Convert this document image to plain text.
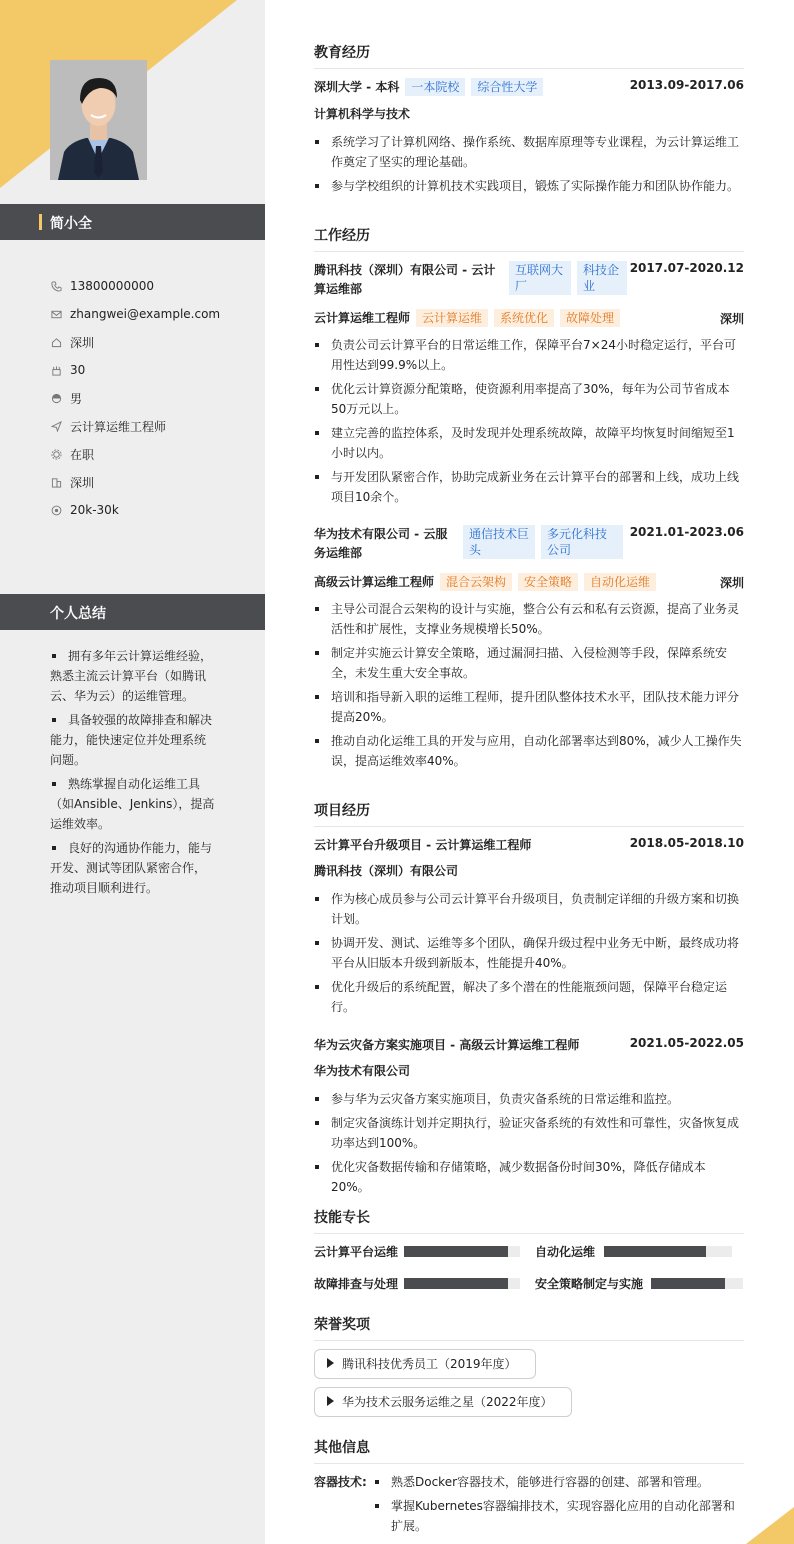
简小全
13800000000
zhangwei@example.com
深圳
30
男
云计算运维工程师
在职
深圳
20k-30k
个人总结
拥有多年云计算运维经验，熟悉主流云计算平台（如腾讯云、华为云）的运维管理。
具备较强的故障排查和解决能力，能快速定位并处理系统问题。
熟练掌握自动化运维工具（如Ansible、Jenkins），提高运维效率。
良好的沟通协作能力，能与开发、测试等团队紧密合作，推动项目顺利进行。
教育经历
深圳大学 - 本科 一本院校 综合性大学	2013.09-2017.06
计算机科学与技术
系统学习了计算机网络、操作系统、数据库原理等专业课程，为云计算运维工作奠定了坚实的理论基础。
参与学校组织的计算机技术实践项目，锻炼了实际操作能力和团队协作能力。
工作经历
腾讯科技（深圳）有限公司 - 云计算运维部
互联网大厂
科技企业
2017.07-2020.12
云计算运维工程师 云计算运维 系统优化 故障处理	深圳
负责公司云计算平台的日常运维工作，保障平台7×24小时稳定运行，平台可用性达到99.9%以上。
优化云计算资源分配策略，使资源利用率提高了30%，每年为公司节省成本50万元以上。
建立完善的监控体系，及时发现并处理系统故障，故障平均恢复时间缩短至1小时以内。
与开发团队紧密合作，协助完成新业务在云计算平台的部署和上线，成功上线项目10余个。
华为技术有限公司 - 云服务运维部
通信技术巨头
多元化科技公司
2021.01-2023.06
高级云计算运维工程师 混合云架构 安全策略 自动化运维	深圳
主导公司混合云架构的设计与实施，整合公有云和私有云资源，提高了业务灵活性和扩展性，支撑业务规模增长50%。
制定并实施云计算安全策略，通过漏洞扫描、入侵检测等手段，保障系统安全，未发生重大安全事故。
培训和指导新入职的运维工程师，提升团队整体技术水平，团队技术能力评分提高20%。
推动自动化运维工具的开发与应用，自动化部署率达到80%，减少人工操作失误，提高运维效率40%。
项目经历
云计算平台升级项目 - 云计算运维工程师	2018.05-2018.10
腾讯科技（深圳）有限公司
作为核心成员参与公司云计算平台升级项目，负责制定详细的升级方案和切换计划。
协调开发、测试、运维等多个团队，确保升级过程中业务无中断，最终成功将平台从旧版本升级到新版本，性能提升40%。
优化升级后的系统配置，解决了多个潜在的性能瓶颈问题，保障平台稳定运行。
华为云灾备方案实施项目 - 高级云计算运维工程师	2021.05-2022.05
华为技术有限公司
参与华为云灾备方案实施项目，负责灾备系统的日常运维和监控。
制定灾备演练计划并定期执行，验证灾备系统的有效性和可靠性，灾备恢复成功率达到100%。
优化灾备数据传输和存储策略，减少数据备份时间30%，降低存储成本20%。
技能专长
云计算平台运维	自动化运维
故障排查与处理	安全策略制定与实施
荣誉奖项
腾讯科技优秀员工（2019年度）
华为技术云服务运维之星（2022年度）
其他信息
容器技术:	熟悉Docker容器技术，能够进行容器的创建、部署和管理。
掌握Kubernetes容器编排技术，实现容器化应用的自动化部署和扩展。
